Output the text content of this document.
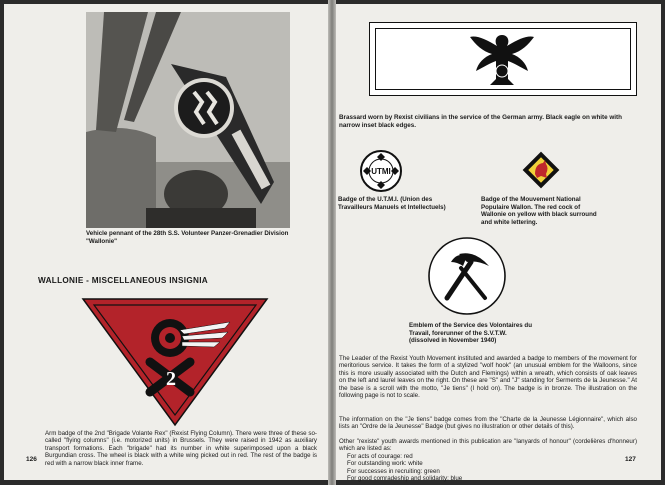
Vehicle pennant of the 28th S.S. Volunteer Panzer-Grenadier Division "Wallonie"
WALLONIE - MISCELLANEOUS INSIGNIA
2
Arm badge of the 2nd "Brigade Volante Rex" (Rexist Flying Column). There were three of these so-called "flying columns" (i.e. motorized units) in Brussels. They were raised in 1942 as auxiliary transport formations. Each "brigade" had its number in white superimposed upon a black Burgundian cross. The wheel is black with a white wing picked out in red. The rest of the badge is red with a narrow black inner frame.
126
Brassard worn by Rexist civilians in the service of the German army. Black eagle on white with narrow inset black edges.
UTMI
Badge of the U.T.M.I. (Union des Travailleurs Manuels et Intellectuels)
Badge of the Mouvement National Populaire Wallon. The red cock of Wallonie on yellow with black surround and white lettering.
Emblem of the Service des Volontaires du Travail, forerunner of the S.V.T.W. (dissolved in November 1940)
The Leader of the Rexist Youth Movement instituted and awarded a badge to members of the movement for meritorious service. It takes the form of a stylized "wolf hook" (an unusual emblem for the Walloons, since this is more usually associated with the Dutch and Flemings) within a wreath, which consists of oak leaves on the left and laurel leaves on the right. On these are "S" and "J" standing for Serments de la Jeunesse." At the base is a scroll with the motto, "Je tiens" (I hold on). The badge is in bronze. The illustration on the following page is not to scale.
The information on the "Je tiens" badge comes from the "Charte de la Jeunesse Légionnaire", which also lists an "Ordre de la Jeunesse" Badge (but gives no illustration or other details of this).
Other "rexiste" youth awards mentioned in this publication are "lanyards of honour" (cordelières d'honneur) which are listed as:
For acts of courage: red
For outstanding work: white
For successes in recruiting: green
For good comradeship and solidarity: blue
127
